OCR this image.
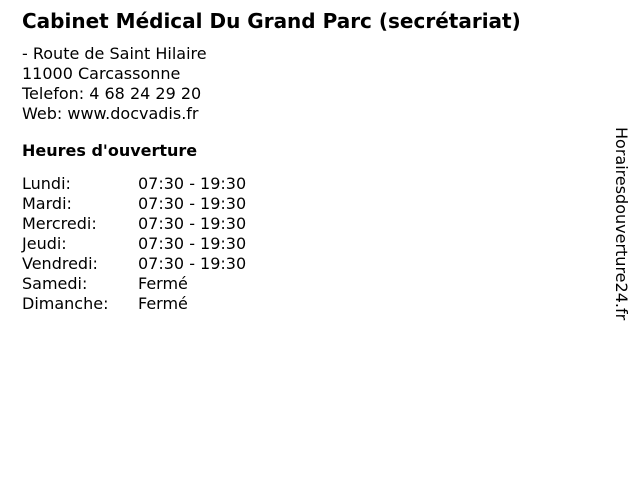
Cabinet Médical Du Grand Parc (secrétariat)
- Route de Saint Hilaire
11000 Carcassonne
Telefon: 4 68 24 29 20
Web: www.docvadis.fr
Heures d'ouverture
Lundi:	07:30 - 19:30
Mardi:	07:30 - 19:30
Mercredi:	07:30 - 19:30
Jeudi:	07:30 - 19:30
Vendredi:	07:30 - 19:30
Samedi:	Fermé
Dimanche:	Fermé	Horairesdouverture24.fr
